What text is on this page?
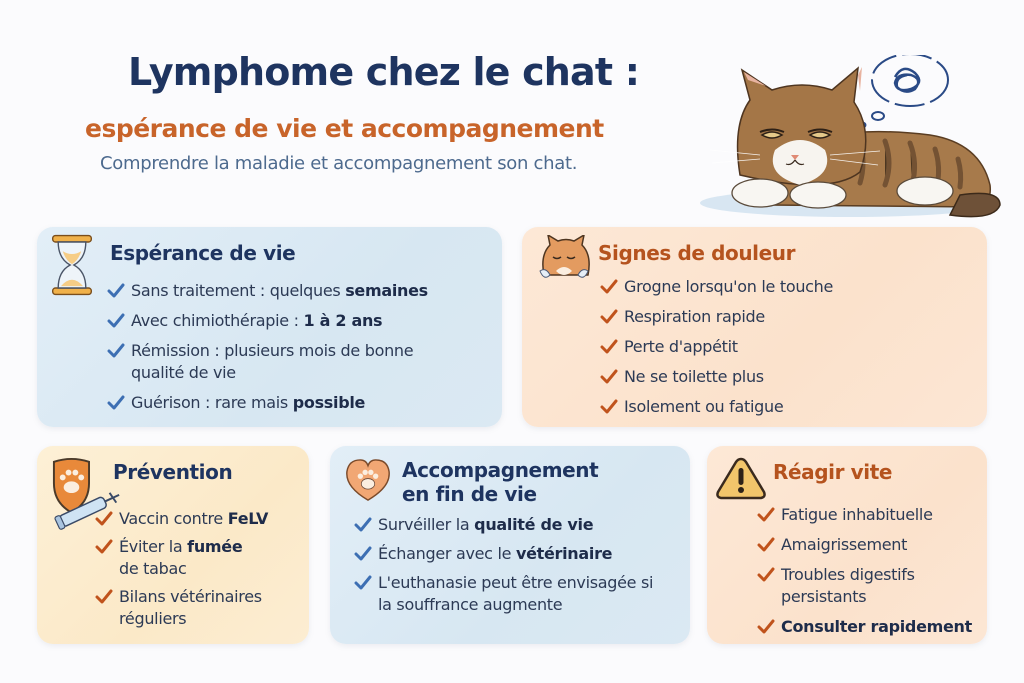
Lymphome chez le chat :
espérance de vie et accompagnement
Comprendre la maladie et accompagnement son chat.
Espérance de vie
Sans traitement : quelques semaines
Avec chimiothérapie : 1 à 2 ans
Rémission : plusieurs mois de bonne qualité de vie
Guérison : rare mais possible
Signes de douleur
Grogne lorsqu'on le touche
Respiration rapide
Perte d'appétit
Ne se toilette plus
Isolement ou fatigue
Prévention
Vaccin contre FeLV
Éviter la fumée de tabac
Bilans vétérinaires réguliers
Accompagnement
en fin de vie
Survéiller la qualité de vie
Échanger avec le vétérinaire
L'euthanasie peut être envisagée si la souffrance augmente
Réagir vite
Fatigue inhabituelle
Amaigrissement
Troubles digestifs persistants
Consulter rapidement
